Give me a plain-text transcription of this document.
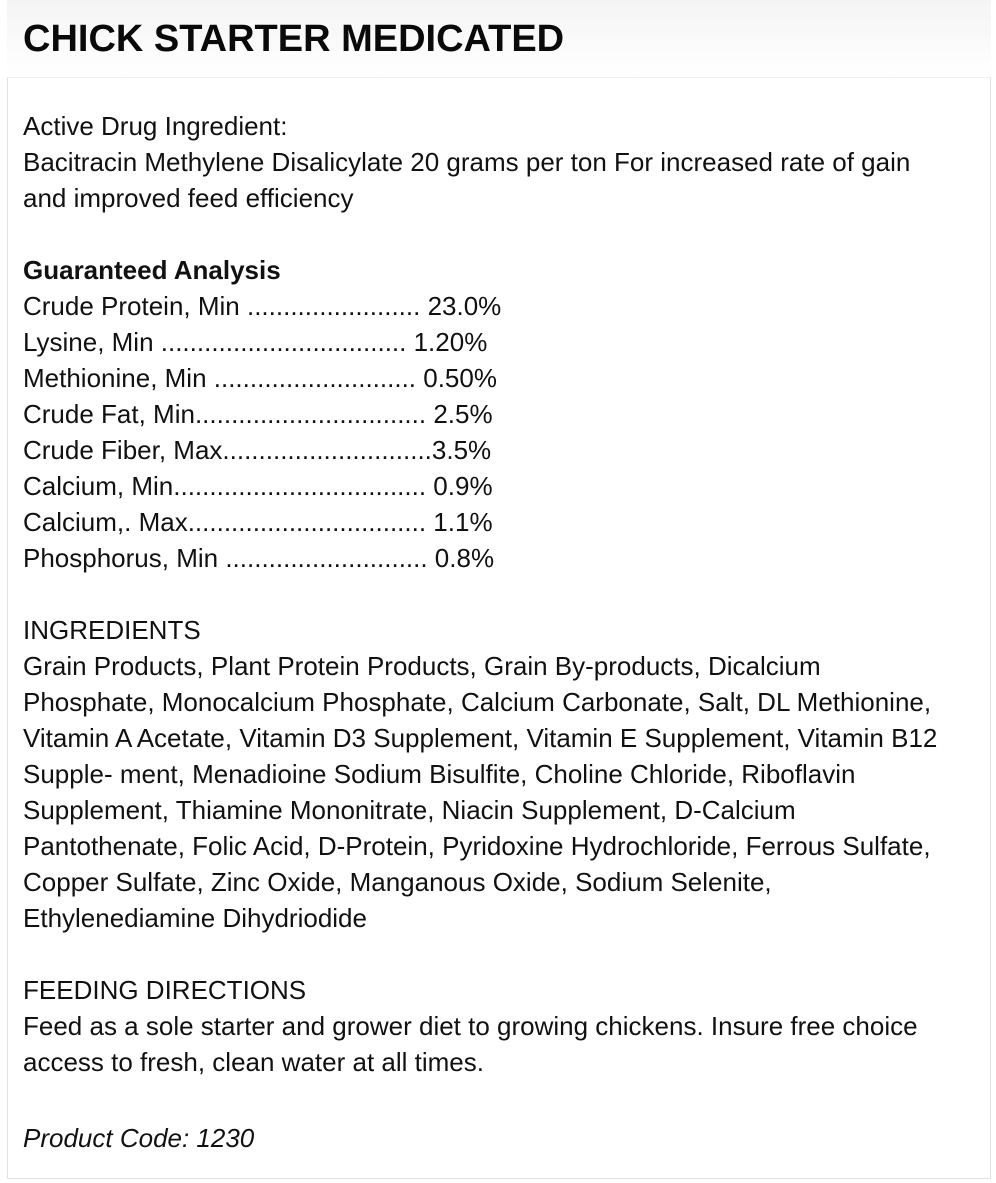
CHICK STARTER MEDICATED

Active Drug Ingredient:

Bacitracin Methylene Disalicylate 20 grams per ton For increased rate of gain and improved feed efficiency

Guaranteed Analysis

Crude Protein, Min ........................ 23.0%
Lysine, Min .................................. 1.20%
Methionine, Min ............................ 0.50%
Crude Fat, Min................................ 2.5%
Crude Fiber, Max.............................3.5%
Calcium, Min................................... 0.9%
Calcium,. Max................................. 1.1%
Phosphorus, Min ............................ 0.8%

INGREDIENTS

Grain Products, Plant Protein Products, Grain By-products, Dicalcium Phosphate, Monocalcium Phosphate, Calcium Carbonate, Salt, DL Methionine, Vitamin A Acetate, Vitamin D3 Supplement, Vitamin E Supplement, Vitamin B12 Supple- ment, Menadioine Sodium Bisulfite, Choline Chloride, Riboflavin Supplement, Thiamine Mononitrate, Niacin Supplement, D-Calcium Pantothenate, Folic Acid, D-Protein, Pyridoxine Hydrochloride, Ferrous Sulfate, Copper Sulfate, Zinc Oxide, Manganous Oxide, Sodium Selenite, Ethylenediamine Dihydriodide

FEEDING DIRECTIONS

Feed as a sole starter and grower diet to growing chickens. Insure free choice access to fresh, clean water at all times.

Product Code: 1230
